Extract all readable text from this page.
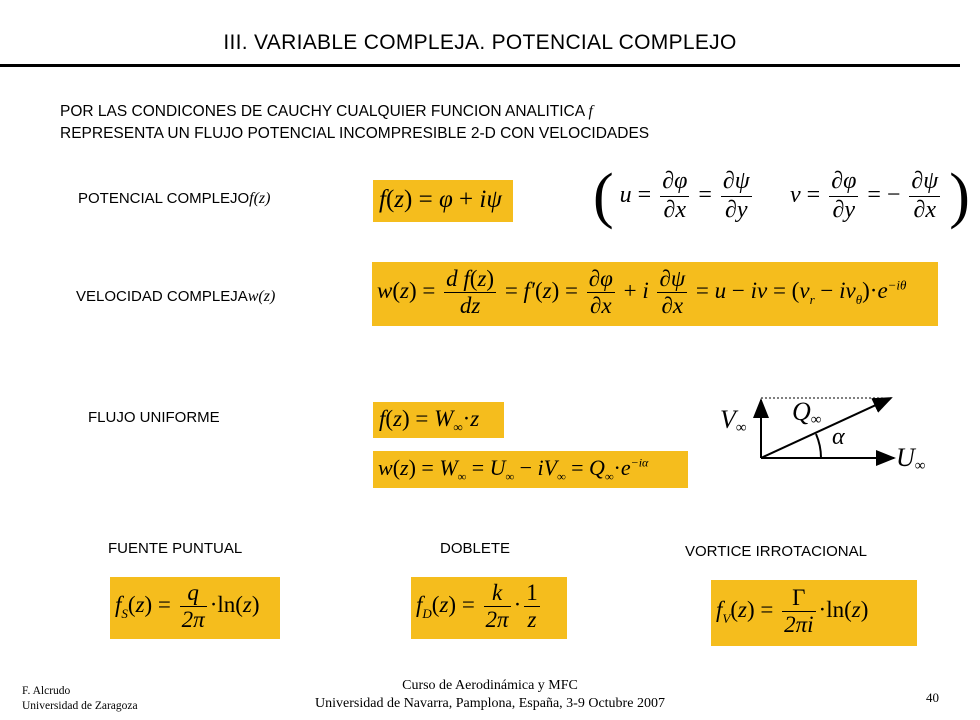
III. VARIABLE COMPLEJA. POTENCIAL COMPLEJO
POR LAS CONDICONES DE CAUCHY CUALQUIER FUNCION ANALITICA f
REPRESENTA UN FLUJO POTENCIAL INCOMPRESIBLE 2-D CON VELOCIDADES
POTENCIAL COMPLEJOf(z)	f(z) = φ + iψ ( $u = \frac{\partial\varphi}{\partial x} = \frac{\partial\psi}{\partial y}$ $v = \frac{\partial\varphi}{\partial y}$ = − $\frac{\partial\psi}{\partial x}$ )
VELOCIDAD COMPLEJAw(z)	$w(z) = \frac{\text{d f(z)}}{dz} = f'(z) = \frac{\partial\varphi}{\partial x} + i \frac{\partial\psi}{\partial x} = u$ − iv = $(v_r - iv_\theta)\cdot e^{-i\theta}$
FLUJO UNIFORME	$f(z) = W_\infty\cdot z$
$w(z) = W_\infty = U_\infty - iV_\infty = Q_\infty\cdot e^{-i\alpha}$
V∞
Q∞
α
U∞
FUENTE PUNTUAL
$f_S(z) = \frac{q}{2\pi} \cdot\ln(z)$
DOBLETE
$f_D(z) = \frac{k}{2\pi} \cdot \frac{1}{z}$
VORTICE IRROTACIONAL
$f_V(z) = \frac{\Gamma}{2\pi i} \cdot\ln(z)$
F. Alcrudo
Universidad de Zaragoza
Curso de Aerodinámica y MFC
Universidad de Navarra, Pamplona, España, 3-9 Octubre 2007	40
